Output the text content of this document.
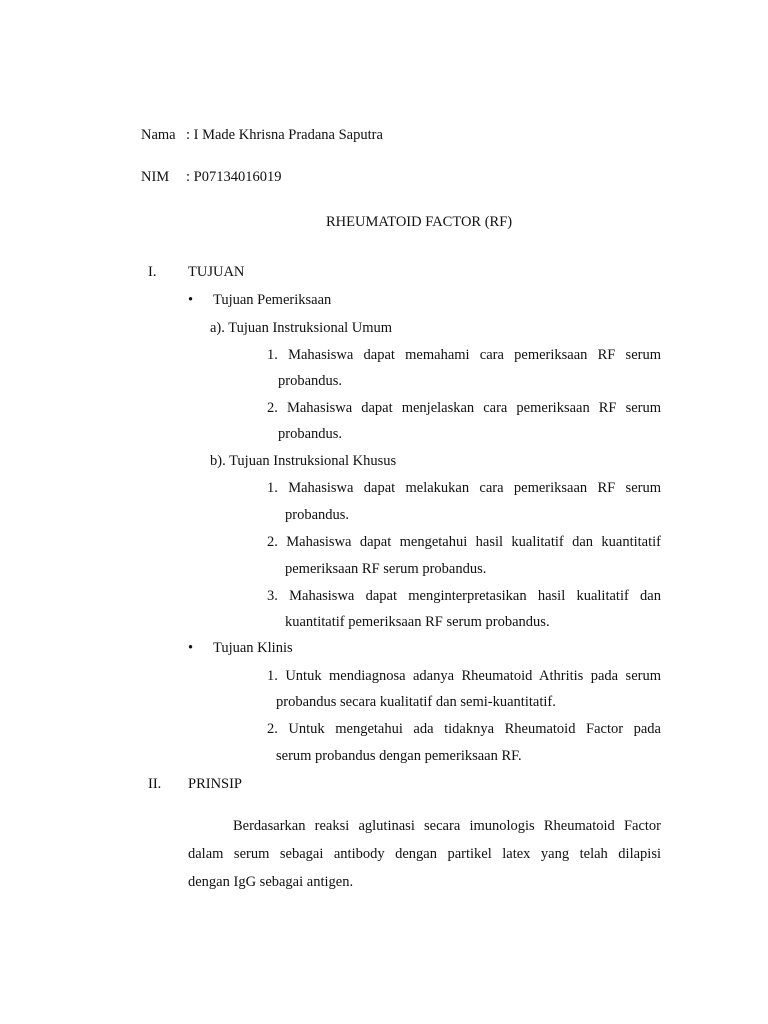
Nama : I Made Khrisna Pradana Saputra
NIM : P07134016019
RHEUMATOID FACTOR (RF)
I. TUJUAN
• Tujuan Pemeriksaan
a). Tujuan Instruksional Umum
1. Mahasiswa dapat memahami cara pemeriksaan RF serum
probandus.
2. Mahasiswa dapat menjelaskan cara pemeriksaan RF serum
probandus.
b). Tujuan Instruksional Khusus
1. Mahasiswa dapat melakukan cara pemeriksaan RF serum
probandus.
2. Mahasiswa dapat mengetahui hasil kualitatif dan kuantitatif
pemeriksaan RF serum probandus.
3. Mahasiswa dapat menginterpretasikan hasil kualitatif dan
kuantitatif pemeriksaan RF serum probandus.
• Tujuan Klinis
1. Untuk mendiagnosa adanya Rheumatoid Athritis pada serum
probandus secara kualitatif dan semi-kuantitatif.
2. Untuk mengetahui ada tidaknya Rheumatoid Factor pada
serum probandus dengan pemeriksaan RF.
II. PRINSIP
Berdasarkan reaksi aglutinasi secara imunologis Rheumatoid Factor
dalam serum sebagai antibody dengan partikel latex yang telah dilapisi
dengan IgG sebagai antigen.
